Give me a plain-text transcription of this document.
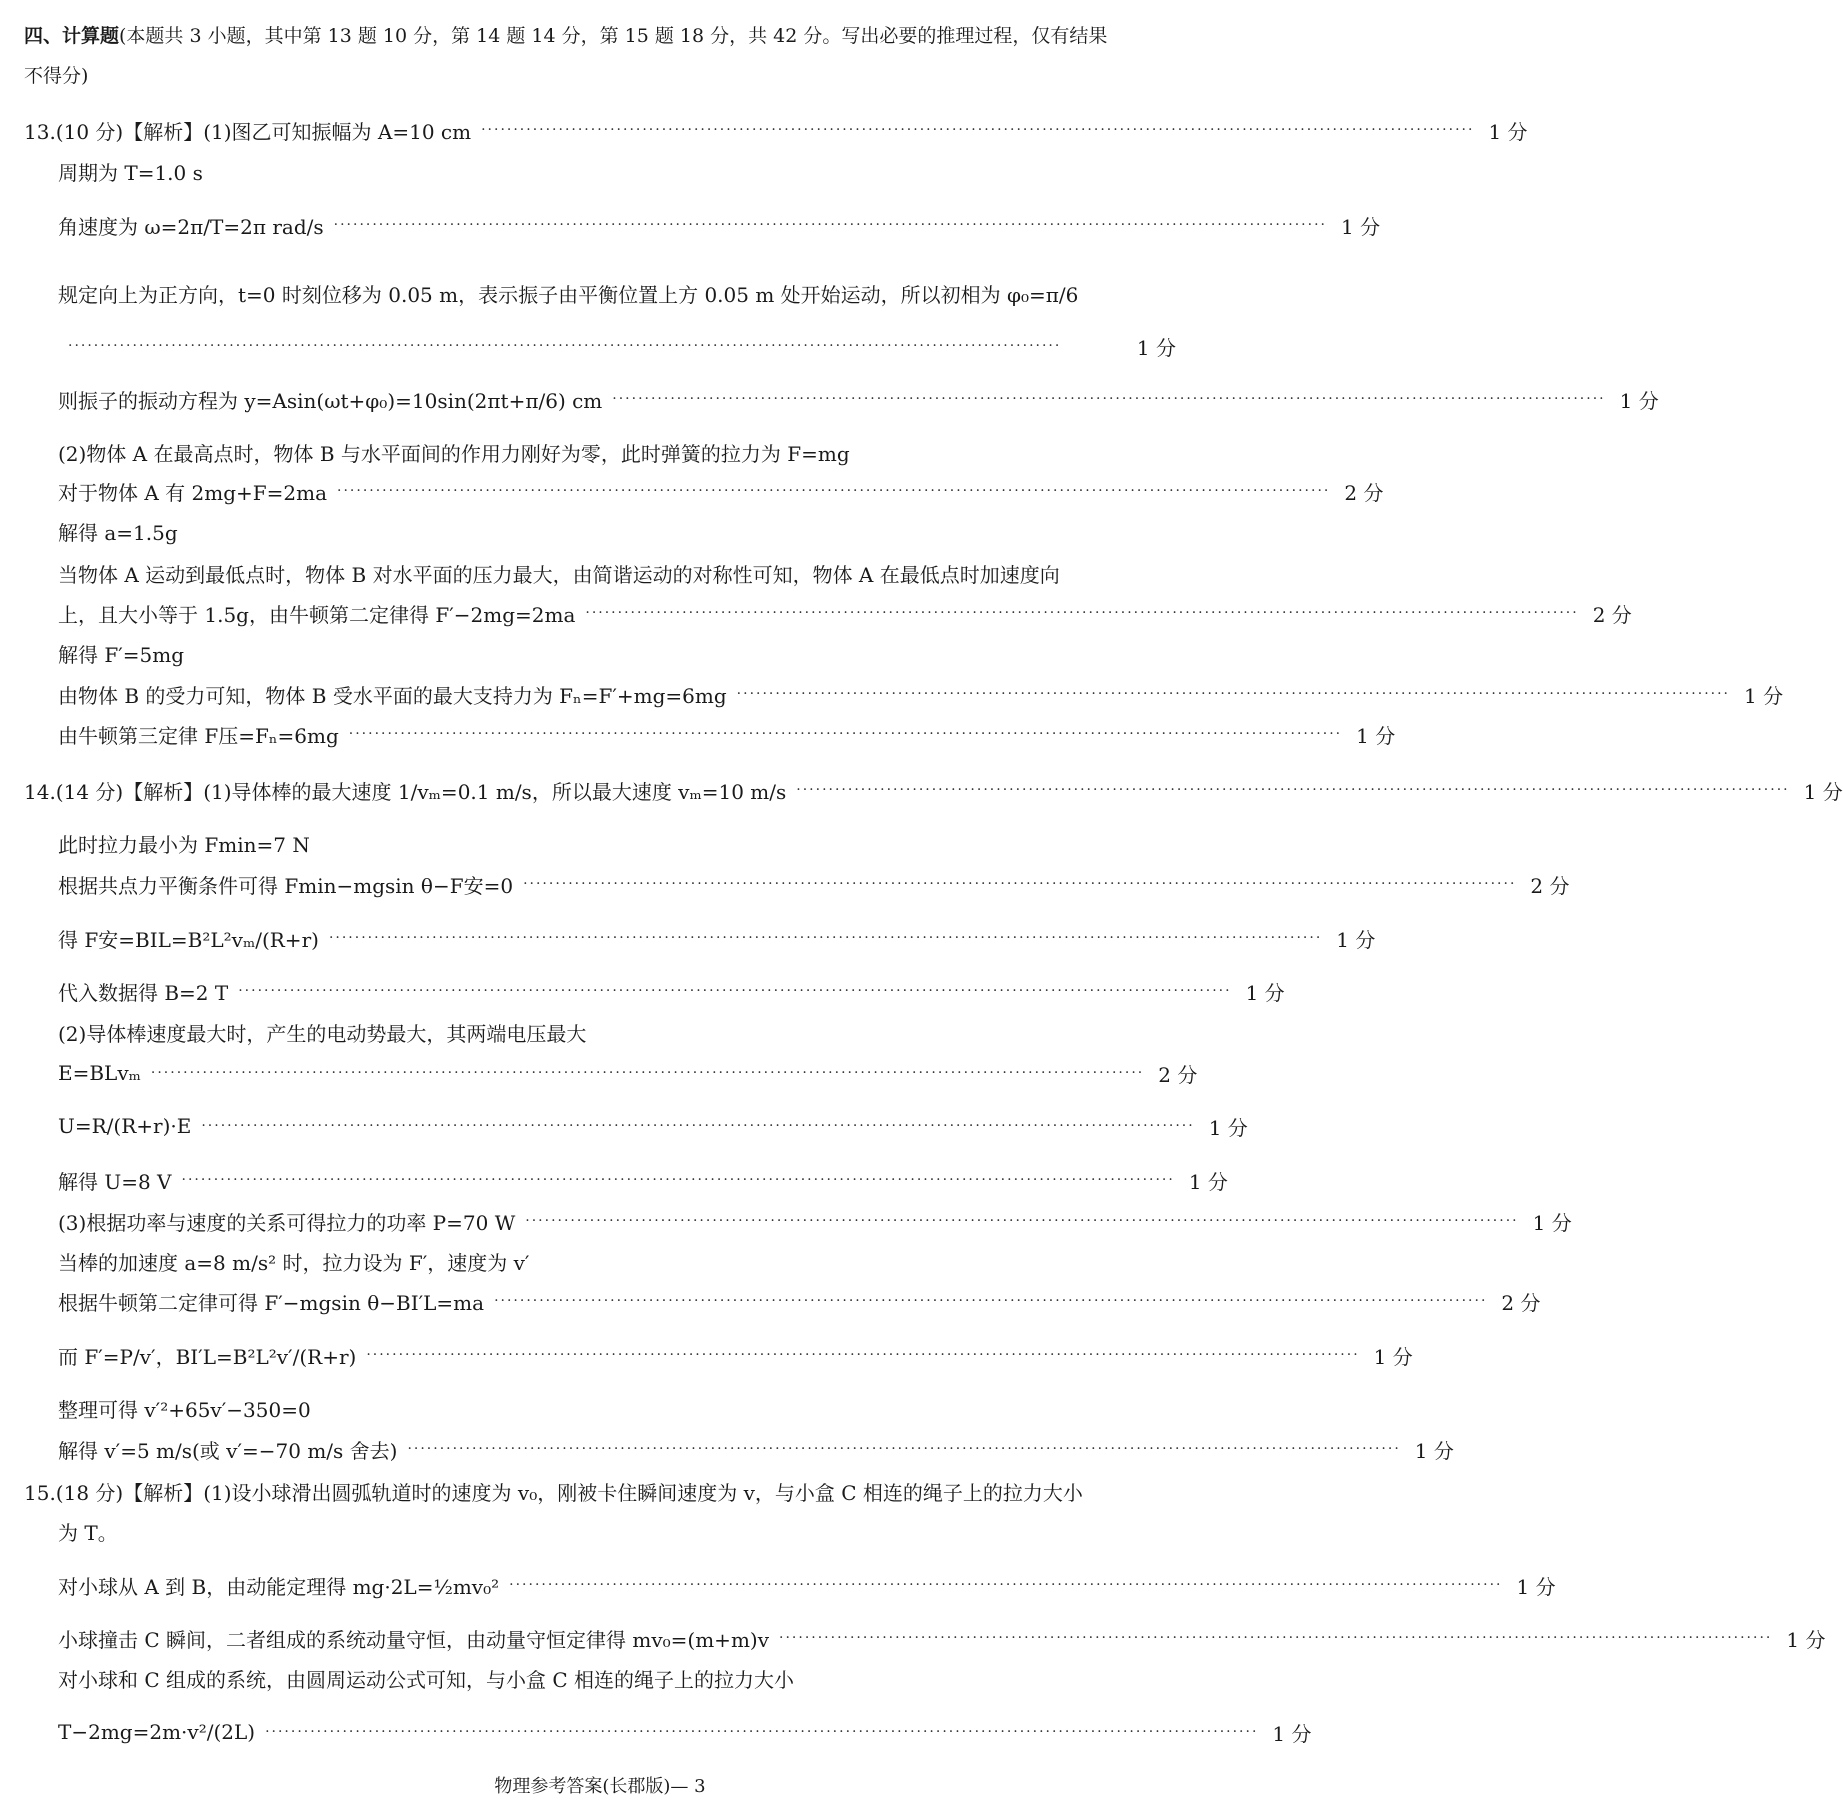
四、计算题 (本题共 3 小题，其中第 13 题 10 分，第 14 题 14 分，第 15 题 18 分，共 42 分。写出必要的推理过程，仅有结果
不得分)
13.(10 分)【解析】(1)图乙可知振幅为 A=10 cm ·························································································································································· 1 分
周期为 T=1.0 s
角速度为 ω=2π/T=2π rad/s ·························································································································································· 1 分
规定向上为正方向，t=0 时刻位移为 0.05 m，表示振子由平衡位置上方 0.05 m 处开始运动，所以初相为 φ₀=π/6
··························································································································································	1 分
则振子的振动方程为 y=Asin(ωt+φ₀)=10sin(2πt+π/6) cm ·························································································································································· 1 分
(2)物体 A 在最高点时，物体 B 与水平面间的作用力刚好为零，此时弹簧的拉力为 F=mg
对于物体 A 有 2mg+F=2ma ·························································································································································· 2 分
解得 a=1.5g
当物体 A 运动到最低点时，物体 B 对水平面的压力最大，由简谐运动的对称性可知，物体 A 在最低点时加速度向
上，且大小等于 1.5g，由牛顿第二定律得 F′−2mg=2ma ·························································································································································· 2 分
解得 F′=5mg
由物体 B 的受力可知，物体 B 受水平面的最大支持力为 Fₙ=F′+mg=6mg ·························································································································································· 1 分
由牛顿第三定律 F压=Fₙ=6mg ·························································································································································· 1 分
14.(14 分)【解析】(1)导体棒的最大速度 1/vₘ=0.1 m/s，所以最大速度 vₘ=10 m/s ·························································································································································· 1 分
此时拉力最小为 Fmin=7 N
根据共点力平衡条件可得 Fmin−mgsin θ−F安=0 ·························································································································································· 2 分
得 F安=BIL=B²L²vₘ/(R+r) ·························································································································································· 1 分
代入数据得 B=2 T ·························································································································································· 1 分
(2)导体棒速度最大时，产生的电动势最大，其两端电压最大
E=BLvₘ ·························································································································································· 2 分
U=R/(R+r)·E ·························································································································································· 1 分
解得 U=8 V ·························································································································································· 1 分
(3)根据功率与速度的关系可得拉力的功率 P=70 W ·························································································································································· 1 分
当棒的加速度 a=8 m/s² 时，拉力设为 F′，速度为 v′
根据牛顿第二定律可得 F′−mgsin θ−BI′L=ma ·························································································································································· 2 分
而 F′=P/v′，BI′L=B²L²v′/(R+r) ·························································································································································· 1 分
整理可得 v′²+65v′−350=0
解得 v′=5 m/s(或 v′=−70 m/s 舍去) ·························································································································································· 1 分
15.(18 分)【解析】(1)设小球滑出圆弧轨道时的速度为 v₀，刚被卡住瞬间速度为 v，与小盒 C 相连的绳子上的拉力大小
为 T。
对小球从 A 到 B，由动能定理得 mg·2L=½mv₀² ·························································································································································· 1 分
小球撞击 C 瞬间，二者组成的系统动量守恒，由动量守恒定律得 mv₀=(m+m)v ·························································································································································· 1 分
对小球和 C 组成的系统，由圆周运动公式可知，与小盒 C 相连的绳子上的拉力大小
T−2mg=2m·v²/(2L) ·························································································································································· 1 分
物理参考答案(长郡版)— 3
